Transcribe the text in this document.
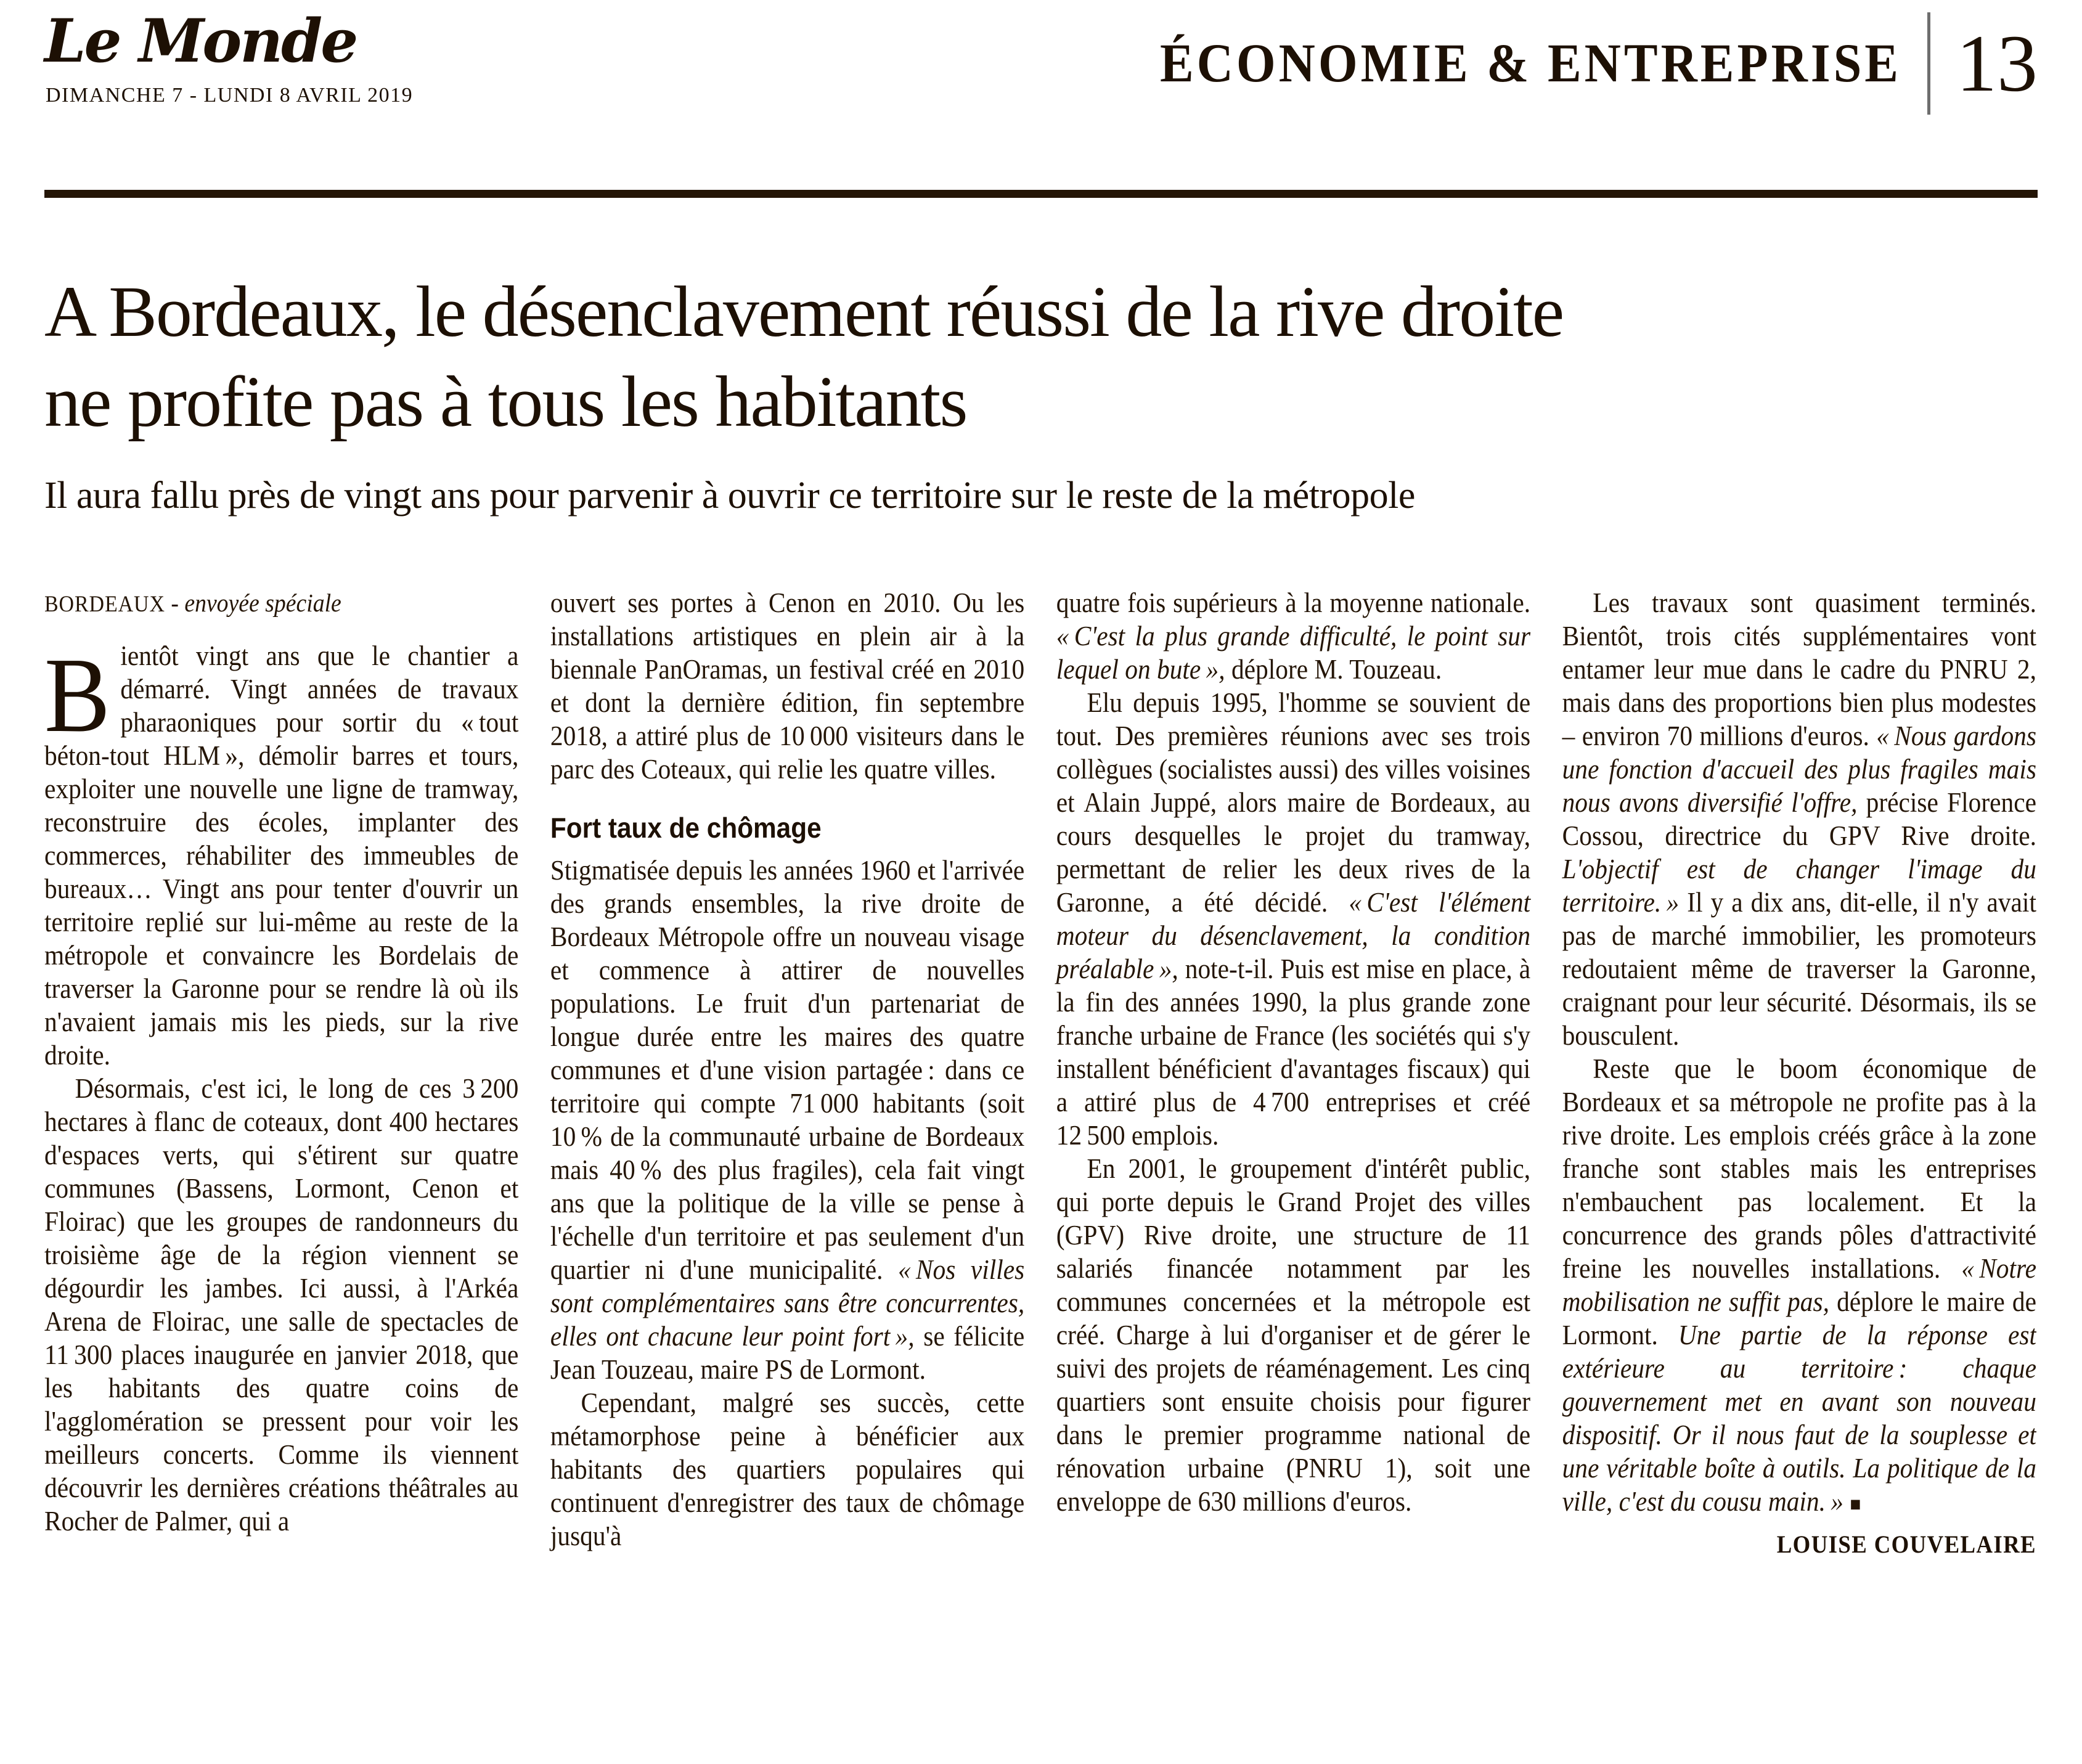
Le Monde
DIMANCHE 7 - LUNDI 8 AVRIL 2019
ÉCONOMIE & ENTREPRISE 13
A Bordeaux, le désenclavement réussi de la rive droite
ne profite pas à tous les habitants
Il aura fallu près de vingt ans pour parvenir à ouvrir ce territoire sur le reste de la métropole

BORDEAUX - envoyée spéciale

Bientôt vingt ans que le chantier a démarré. Vingt années de travaux pharaoniques pour sortir du « tout béton-tout HLM », démolir barres et tours, exploiter une nouvelle une ligne de tramway, reconstruire des écoles, implanter des commerces, réhabiliter des immeubles de bureaux… Vingt ans pour tenter d'ouvrir un territoire replié sur lui-même au reste de la métropole et convaincre les Bordelais de traverser la Garonne pour se rendre là où ils n'avaient jamais mis les pieds, sur la rive droite.

Désormais, c'est ici, le long de ces 3 200 hectares à flanc de coteaux, dont 400 hectares d'espaces verts, qui s'étirent sur quatre communes (Bassens, Lormont, Cenon et Floirac) que les groupes de randonneurs du troisième âge de la région viennent se dégourdir les jambes. Ici aussi, à l'Arkéa Arena de Floirac, une salle de spectacles de 11 300 places inaugurée en janvier 2018, que les habitants des quatre coins de l'agglomération se pressent pour voir les meilleurs concerts. Comme ils viennent découvrir les dernières créations théâtrales au Rocher de Palmer, qui a

ouvert ses portes à Cenon en 2010. Ou les installations artistiques en plein air à la biennale PanOramas, un festival créé en 2010 et dont la dernière édition, fin septembre 2018, a attiré plus de 10 000 visiteurs dans le parc des Coteaux, qui relie les quatre villes.

Fort taux de chômage

Stigmatisée depuis les années 1960 et l'arrivée des grands ensembles, la rive droite de Bordeaux Métropole offre un nouveau visage et commence à attirer de nouvelles populations. Le fruit d'un partenariat de longue durée entre les maires des quatre communes et d'une vision partagée : dans ce territoire qui compte 71 000 habitants (soit 10 % de la communauté urbaine de Bordeaux mais 40 % des plus fragiles), cela fait vingt ans que la politique de la ville se pense à l'échelle d'un territoire et pas seulement d'un quartier ni d'une municipalité. « Nos villes sont complémentaires sans être concurrentes, elles ont chacune leur point fort », se félicite Jean Touzeau, maire PS de Lormont.

Cependant, malgré ses succès, cette métamorphose peine à bénéficier aux habitants des quartiers populaires qui continuent d'enregistrer des taux de chômage jusqu'à

quatre fois supérieurs à la moyenne nationale. « C'est la plus grande difficulté, le point sur lequel on bute », déplore M. Touzeau.

Elu depuis 1995, l'homme se souvient de tout. Des premières réunions avec ses trois collègues (socialistes aussi) des villes voisines et Alain Juppé, alors maire de Bordeaux, au cours desquelles le projet du tramway, permettant de relier les deux rives de la Garonne, a été décidé. « C'est l'élément moteur du désenclavement, la condition préalable », note-t-il. Puis est mise en place, à la fin des années 1990, la plus grande zone franche urbaine de France (les sociétés qui s'y installent bénéficient d'avantages fiscaux) qui a attiré plus de 4 700 entreprises et créé 12 500 emplois.

En 2001, le groupement d'intérêt public, qui porte depuis le Grand Projet des villes (GPV) Rive droite, une structure de 11 salariés financée notamment par les communes concernées et la métropole est créé. Charge à lui d'organiser et de gérer le suivi des projets de réaménagement. Les cinq quartiers sont ensuite choisis pour figurer dans le premier programme national de rénovation urbaine (PNRU 1), soit une enveloppe de 630 millions d'euros.

Les travaux sont quasiment terminés. Bientôt, trois cités supplémentaires vont entamer leur mue dans le cadre du PNRU 2, mais dans des proportions bien plus modestes – environ 70 millions d'euros. « Nous gardons une fonction d'accueil des plus fragiles mais nous avons diversifié l'offre, précise Florence Cossou, directrice du GPV Rive droite. L'objectif est de changer l'image du territoire. » Il y a dix ans, dit-elle, il n'y avait pas de marché immobilier, les promoteurs redoutaient même de traverser la Garonne, craignant pour leur sécurité. Désormais, ils se bousculent.

Reste que le boom économique de Bordeaux et sa métropole ne profite pas à la rive droite. Les emplois créés grâce à la zone franche sont stables mais les entreprises n'embauchent pas localement. Et la concurrence des grands pôles d'attractivité freine les nouvelles installations. « Notre mobilisation ne suffit pas, déplore le maire de Lormont. Une partie de la réponse est extérieure au territoire : chaque gouvernement met en avant son nouveau dispositif. Or il nous faut de la souplesse et une véritable boîte à outils. La politique de la ville, c'est du cousu main. » ■

LOUISE COUVELAIRE
